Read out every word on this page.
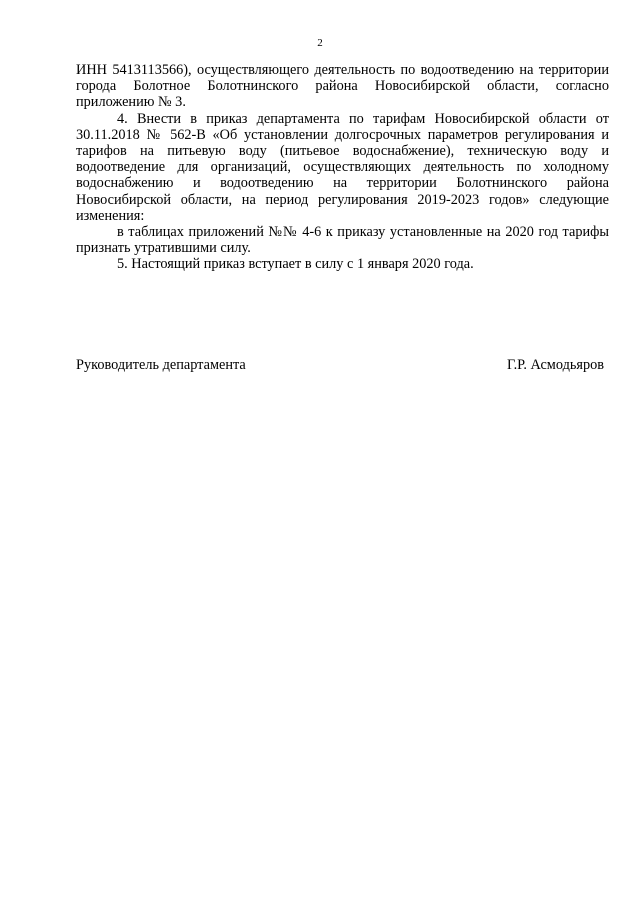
2

ИНН 5413113566), осуществляющего деятельность по водоотведению на территории города Болотное Болотнинского района Новосибирской области, согласно приложению № 3.

4. Внести в приказ департамента по тарифам Новосибирской области от 30.11.2018 № 562-В «Об установлении долгосрочных параметров регулирования и тарифов на питьевую воду (питьевое водоснабжение), техническую воду и водоотведение для организаций, осуществляющих деятельность по холодному водоснабжению и водоотведению на территории Болотнинского района Новосибирской области, на период регулирования 2019-2023 годов» следующие изменения:

в таблицах приложений №№ 4-6 к приказу установленные на 2020 год тарифы признать утратившими силу.

5. Настоящий приказ вступает в силу с 1 января 2020 года.

Руководитель департамента	Г.Р. Асмодьяров
